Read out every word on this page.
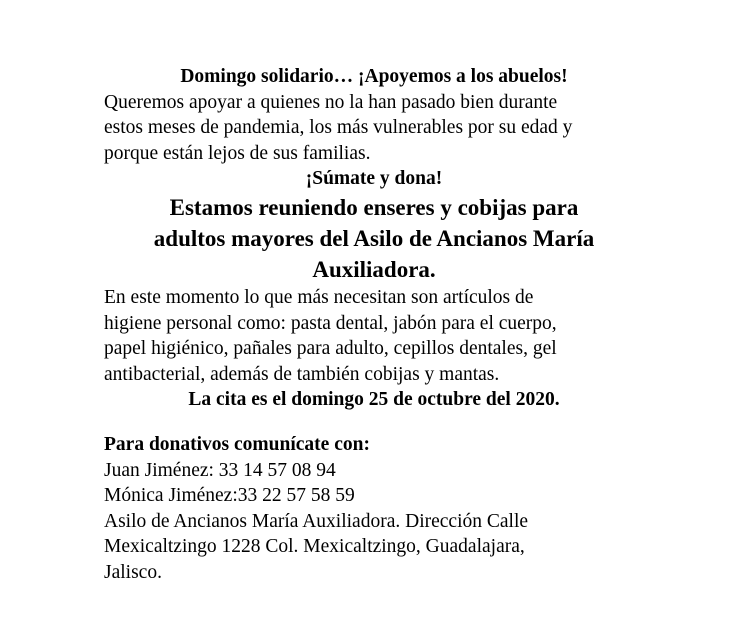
Domingo solidario… ¡Apoyemos a los abuelos!

Queremos apoyar a quienes no la han pasado bien durante

estos meses de pandemia, los más vulnerables por su edad y

porque están lejos de sus familias.

¡Súmate y dona!

Estamos reuniendo enseres y cobijas para

adultos mayores del Asilo de Ancianos María

Auxiliadora.

En este momento lo que más necesitan son artículos de

higiene personal como: pasta dental, jabón para el cuerpo,

papel higiénico, pañales para adulto, cepillos dentales, gel

antibacterial, además de también cobijas y mantas.

La cita es el domingo 25 de octubre del 2020.

Para donativos comunícate con:

Juan Jiménez: 33 14 57 08 94

Mónica Jiménez:33 22 57 58 59

Asilo de Ancianos María Auxiliadora. Dirección Calle

Mexicaltzingo 1228 Col. Mexicaltzingo, Guadalajara,

Jalisco.
